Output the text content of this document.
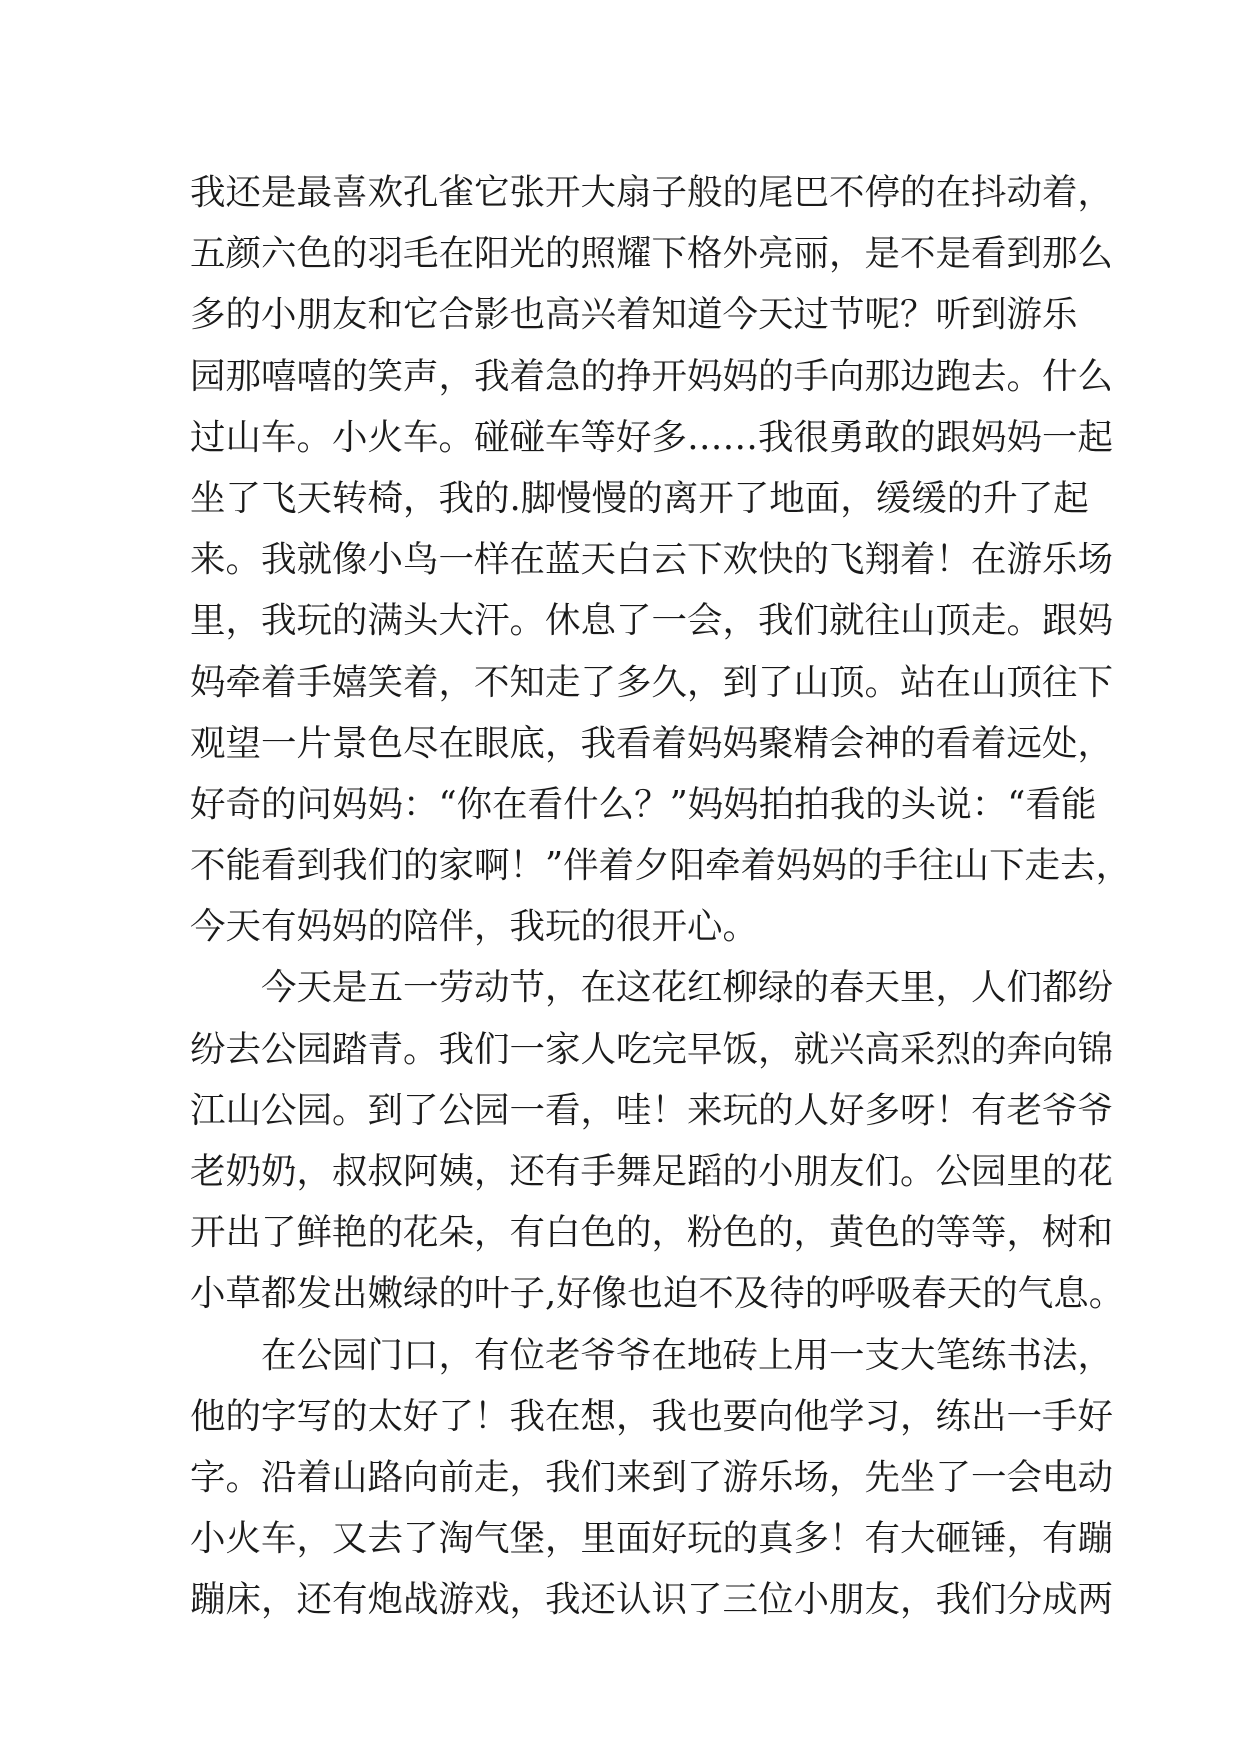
我还是最喜欢孔雀它张开大扇子般的尾巴不停的在抖动着，
五颜六色的羽毛在阳光的照耀下格外亮丽，是不是看到那么
多的小朋友和它合影也高兴着知道今天过节呢？听到游乐
园那嘻嘻的笑声，我着急的挣开妈妈的手向那边跑去。什么
过山车。小火车。碰碰车等好多……我很勇敢的跟妈妈一起
坐了飞天转椅，我的.脚慢慢的离开了地面，缓缓的升了起
来。我就像小鸟一样在蓝天白云下欢快的飞翔着！在游乐场
里，我玩的满头大汗。休息了一会，我们就往山顶走。跟妈
妈牵着手嬉笑着，不知走了多久，到了山顶。站在山顶往下
观望一片景色尽在眼底，我看着妈妈聚精会神的看着远处，
好奇的问妈妈：“你在看什么？”妈妈拍拍我的头说：“看能
不能看到我们的家啊！”伴着夕阳牵着妈妈的手往山下走去，
今天有妈妈的陪伴，我玩的很开心。
今天是五一劳动节，在这花红柳绿的春天里，人们都纷
纷去公园踏青。我们一家人吃完早饭，就兴高采烈的奔向锦
江山公园。到了公园一看，哇！来玩的人好多呀！有老爷爷
老奶奶，叔叔阿姨，还有手舞足蹈的小朋友们。公园里的花
开出了鲜艳的花朵，有白色的，粉色的，黄色的等等，树和
小草都发出嫩绿的叶子,好像也迫不及待的呼吸春天的气息。
在公园门口，有位老爷爷在地砖上用一支大笔练书法，
他的字写的太好了！我在想，我也要向他学习，练出一手好
字。沿着山路向前走，我们来到了游乐场，先坐了一会电动
小火车，又去了淘气堡，里面好玩的真多！有大砸锤，有蹦
蹦床，还有炮战游戏，我还认识了三位小朋友，我们分成两
